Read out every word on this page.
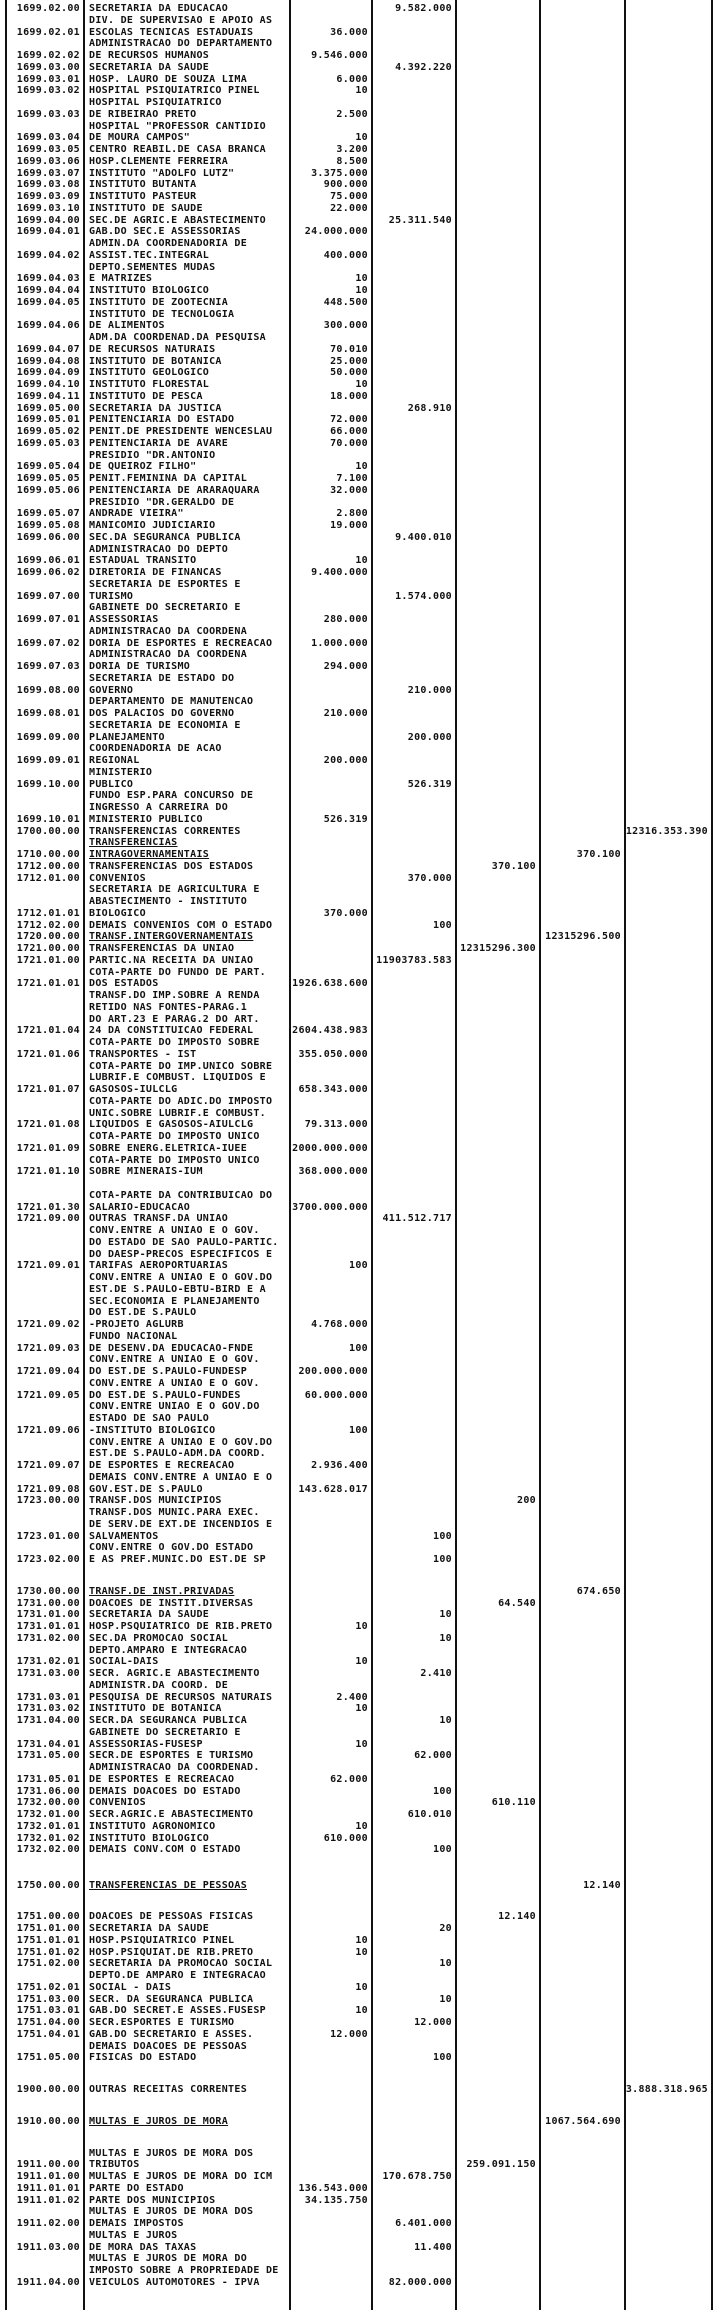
1699.02.00 SECRETARIA DA EDUCACAO	9.582.000
1699.02.01
DIV. DE SUPERVISAO E APOIO AS
ESCOLAS TECNICAS ESTADUAIS	36.000
1699.02.02
ADMINISTRACAO DO DEPARTAMENTO
DE RECURSOS HUMANOS	9.546.000
1699.03.00 SECRETARIA DA SAUDE	4.392.220
1699.03.01 HOSP. LAURO DE SOUZA LIMA	6.000
1699.03.02 HOSPITAL PSIQUIATRICO PINEL	10
1699.03.03
HOSPITAL PSIQUIATRICO
DE RIBEIRAO PRETO	2.500
1699.03.04
HOSPITAL "PROFESSOR CANTIDIO
DE MOURA CAMPOS"	10
1699.03.05 CENTRO REABIL.DE CASA BRANCA	3.200
1699.03.06 HOSP.CLEMENTE FERREIRA	8.500
1699.03.07 INSTITUTO "ADOLFO LUTZ"	3.375.000
1699.03.08 INSTITUTO BUTANTA	900.000
1699.03.09 INSTITUTO PASTEUR	75.000
1699.03.10 INSTITUTO DE SAUDE	22.000
1699.04.00 SEC.DE AGRIC.E ABASTECIMENTO	25.311.540
1699.04.01 GAB.DO SEC.E ASSESSORIAS	24.000.000
1699.04.02
ADMIN.DA COORDENADORIA DE
ASSIST.TEC.INTEGRAL	400.000
1699.04.03
DEPTO.SEMENTES MUDAS
E MATRIZES	10
1699.04.04 INSTITUTO BIOLOGICO	10
1699.04.05 INSTITUTO DE ZOOTECNIA	448.500
1699.04.06
INSTITUTO DE TECNOLOGIA
DE ALIMENTOS	300.000
1699.04.07
ADM.DA COORDENAD.DA PESQUISA
DE RECURSOS NATURAIS	70.010
1699.04.08 INSTITUTO DE BOTANICA	25.000
1699.04.09 INSTITUTO GEOLOGICO	50.000
1699.04.10 INSTITUTO FLORESTAL	10
1699.04.11 INSTITUTO DE PESCA	18.000
1699.05.00 SECRETARIA DA JUSTICA	268.910
1699.05.01 PENITENCIARIA DO ESTADO	72.000
1699.05.02 PENIT.DE PRESIDENTE WENCESLAU	66.000
1699.05.03 PENITENCIARIA DE AVARE	70.000
1699.05.04
PRESIDIO "DR.ANTONIO
DE QUEIROZ FILHO"	10
1699.05.05 PENIT.FEMININA DA CAPITAL	7.100
1699.05.06 PENITENCIARIA DE ARARAQUARA	32.000
1699.05.07
PRESIDIO "DR.GERALDO DE
ANDRADE VIEIRA"	2.800
1699.05.08 MANICOMIO JUDICIARIO	19.000
1699.06.00 SEC.DA SEGURANCA PUBLICA	9.400.010
1699.06.01
ADMINISTRACAO DO DEPTO
ESTADUAL TRANSITO	10
1699.06.02 DIRETORIA DE FINANCAS	9.400.000
1699.07.00
SECRETARIA DE ESPORTES E
TURISMO	1.574.000
1699.07.01
GABINETE DO SECRETARIO E
ASSESSORIAS	280.000
1699.07.02
ADMINISTRACAO DA COORDENA
DORIA DE ESPORTES E RECREACAO	1.000.000
1699.07.03
ADMINISTRACAO DA COORDENA
DORIA DE TURISMO	294.000
1699.08.00
SECRETARIA DE ESTADO DO
GOVERNO	210.000
1699.08.01
DEPARTAMENTO DE MANUTENCAO
DOS PALACIOS DO GOVERNO	210.000
1699.09.00
SECRETARIA DE ECONOMIA E
PLANEJAMENTO	200.000
1699.09.01
COORDENADORIA DE ACAO
REGIONAL	200.000
1699.10.00
MINISTERIO
PUBLICO	526.319
1699.10.01
FUNDO ESP.PARA CONCURSO DE
INGRESSO A CARREIRA DO
MINISTERIO PUBLICO	526.319
1700.00.00 TRANSFERENCIAS CORRENTES	12316.353.390
1710.00.00
TRANSFERENCIAS
INTRAGOVERNAMENTAIS	370.100
1712.00.00 TRANSFERENCIAS DOS ESTADOS	370.100
1712.01.00 CONVENIOS	370.000
1712.01.01
SECRETARIA DE AGRICULTURA E
ABASTECIMENTO - INSTITUTO
BIOLOGICO	370.000
1712.02.00 DEMAIS CONVENIOS COM O ESTADO	100
1720.00.00 TRANSF.INTERGOVERNAMENTAIS	12315296.500
1721.00.00 TRANSFERENCIAS DA UNIAO	12315296.300
1721.01.00 PARTIC.NA RECEITA DA UNIAO	11903783.583
1721.01.01
COTA-PARTE DO FUNDO DE PART.
DOS ESTADOS	1926.638.600
1721.01.04
TRANSF.DO IMP.SOBRE A RENDA
RETIDO NAS FONTES-PARAG.1
DO ART.23 E PARAG.2 DO ART.
24 DA CONSTITUICAO FEDERAL	2604.438.983
1721.01.06
COTA-PARTE DO IMPOSTO SOBRE
TRANSPORTES - IST	355.050.000
1721.01.07
COTA-PARTE DO IMP.UNICO SOBRE
LUBRIF.E COMBUST. LIQUIDOS E
GASOSOS-IULCLG	658.343.000
1721.01.08
COTA-PARTE DO ADIC.DO IMPOSTO
UNIC.SOBRE LUBRIF.E COMBUST.
LIQUIDOS E GASOSOS-AIULCLG	79.313.000
1721.01.09
COTA-PARTE DO IMPOSTO UNICO
SOBRE ENERG.ELETRICA-IUEE	2000.000.000
1721.01.10
COTA-PARTE DO IMPOSTO UNICO
SOBRE MINERAIS-IUM	368.000.000
1721.01.30
COTA-PARTE DA CONTRIBUICAO DO
SALARIO-EDUCACAO	3700.000.000
1721.09.00 OUTRAS TRANSF.DA UNIAO	411.512.717
1721.09.01
CONV.ENTRE A UNIAO E O GOV.
DO ESTADO DE SAO PAULO-PARTIC.
DO DAESP-PRECOS ESPECIFICOS E
TARIFAS AEROPORTUARIAS	100
1721.09.02
CONV.ENTRE A UNIAO E O GOV.DO
EST.DE S.PAULO-EBTU-BIRD E A
SEC.ECONOMIA E PLANEJAMENTO
DO EST.DE S.PAULO
-PROJETO AGLURB	4.768.000
1721.09.03
FUNDO NACIONAL
DE DESENV.DA EDUCACAO-FNDE	100
1721.09.04
CONV.ENTRE A UNIAO E O GOV.
DO EST.DE S.PAULO-FUNDESP	200.000.000
1721.09.05
CONV.ENTRE A UNIAO E O GOV.
DO EST.DE S.PAULO-FUNDES	60.000.000
1721.09.06
CONV.ENTRE UNIAO E O GOV.DO
ESTADO DE SAO PAULO
-INSTITUTO BIOLOGICO	100
1721.09.07
CONV.ENTRE A UNIAO E O GOV.DO
EST.DE S.PAULO-ADM.DA COORD.
DE ESPORTES E RECREACAO	2.936.400
1721.09.08
DEMAIS CONV.ENTRE A UNIAO E O
GOV.EST.DE S.PAULO	143.628.017
1723.00.00 TRANSF.DOS MUNICIPIOS	200
1723.01.00
TRANSF.DOS MUNIC.PARA EXEC.
DE SERV.DE EXT.DE INCENDIOS E
SALVAMENTOS	100
1723.02.00
CONV.ENTRE O GOV.DO ESTADO
E AS PREF.MUNIC.DO EST.DE SP	100
1730.00.00 TRANSF.DE INST.PRIVADAS	674.650
1731.00.00 DOACOES DE INSTIT.DIVERSAS	64.540
1731.01.00 SECRETARIA DA SAUDE	10
1731.01.01 HOSP.PSQUIATRICO DE RIB.PRETO	10
1731.02.00 SEC.DA PROMOCAO SOCIAL	10
1731.02.01
DEPTO.AMPARO E INTEGRACAO
SOCIAL-DAIS	10
1731.03.00 SECR. AGRIC.E ABASTECIMENTO	2.410
1731.03.01
ADMINISTR.DA COORD. DE
PESQUISA DE RECURSOS NATURAIS	2.400
1731.03.02 INSTITUTO DE BOTANICA	10
1731.04.00 SECR.DA SEGURANCA PUBLICA	10
1731.04.01
GABINETE DO SECRETARIO E
ASSESSORIAS-FUSESP	10
1731.05.00 SECR.DE ESPORTES E TURISMO	62.000
1731.05.01
ADMINISTRACAO DA COORDENAD.
DE ESPORTES E RECREACAO	62.000
1731.06.00 DEMAIS DOACOES DO ESTADO	100
1732.00.00 CONVENIOS	610.110
1732.01.00 SECR.AGRIC.E ABASTECIMENTO	610.010
1732.01.01 INSTITUTO AGRONOMICO	10
1732.01.02 INSTITUTO BIOLOGICO	610.000
1732.02.00 DEMAIS CONV.COM O ESTADO	100
1750.00.00 TRANSFERENCIAS DE PESSOAS	12.140
1751.00.00 DOACOES DE PESSOAS FISICAS	12.140
1751.01.00 SECRETARIA DA SAUDE	20
1751.01.01 HOSP.PSIQUIATRICO PINEL	10
1751.01.02 HOSP.PSIQUIAT.DE RIB.PRETO	10
1751.02.00 SECRETARIA DA PROMOCAO SOCIAL	10
1751.02.01
DEPTO.DE AMPARO E INTEGRACAO
SOCIAL - DAIS	10
1751.03.00 SECR. DA SEGURANCA PUBLICA	10
1751.03.01 GAB.DO SECRET.E ASSES.FUSESP	10
1751.04.00 SECR.ESPORTES E TURISMO	12.000
1751.04.01 GAB.DO SECRETARIO E ASSES.	12.000
1751.05.00
DEMAIS DOACOES DE PESSOAS
FISICAS DO ESTADO	100
1900.00.00 OUTRAS RECEITAS CORRENTES	3.888.318.965
1910.00.00 MULTAS E JUROS DE MORA	1067.564.690
1911.00.00
MULTAS E JUROS DE MORA DOS
TRIBUTOS	259.091.150
1911.01.00 MULTAS E JUROS DE MORA DO ICM	170.678.750
1911.01.01 PARTE DO ESTADO	136.543.000
1911.01.02 PARTE DOS MUNICIPIOS	34.135.750
1911.02.00
MULTAS E JUROS DE MORA DOS
DEMAIS IMPOSTOS	6.401.000
1911.03.00
MULTAS E JUROS
DE MORA DAS TAXAS	11.400
1911.04.00
MULTAS E JUROS DE MORA DO
IMPOSTO SOBRE A PROPRIEDADE DE
VEICULOS AUTOMOTORES - IPVA	82.000.000
